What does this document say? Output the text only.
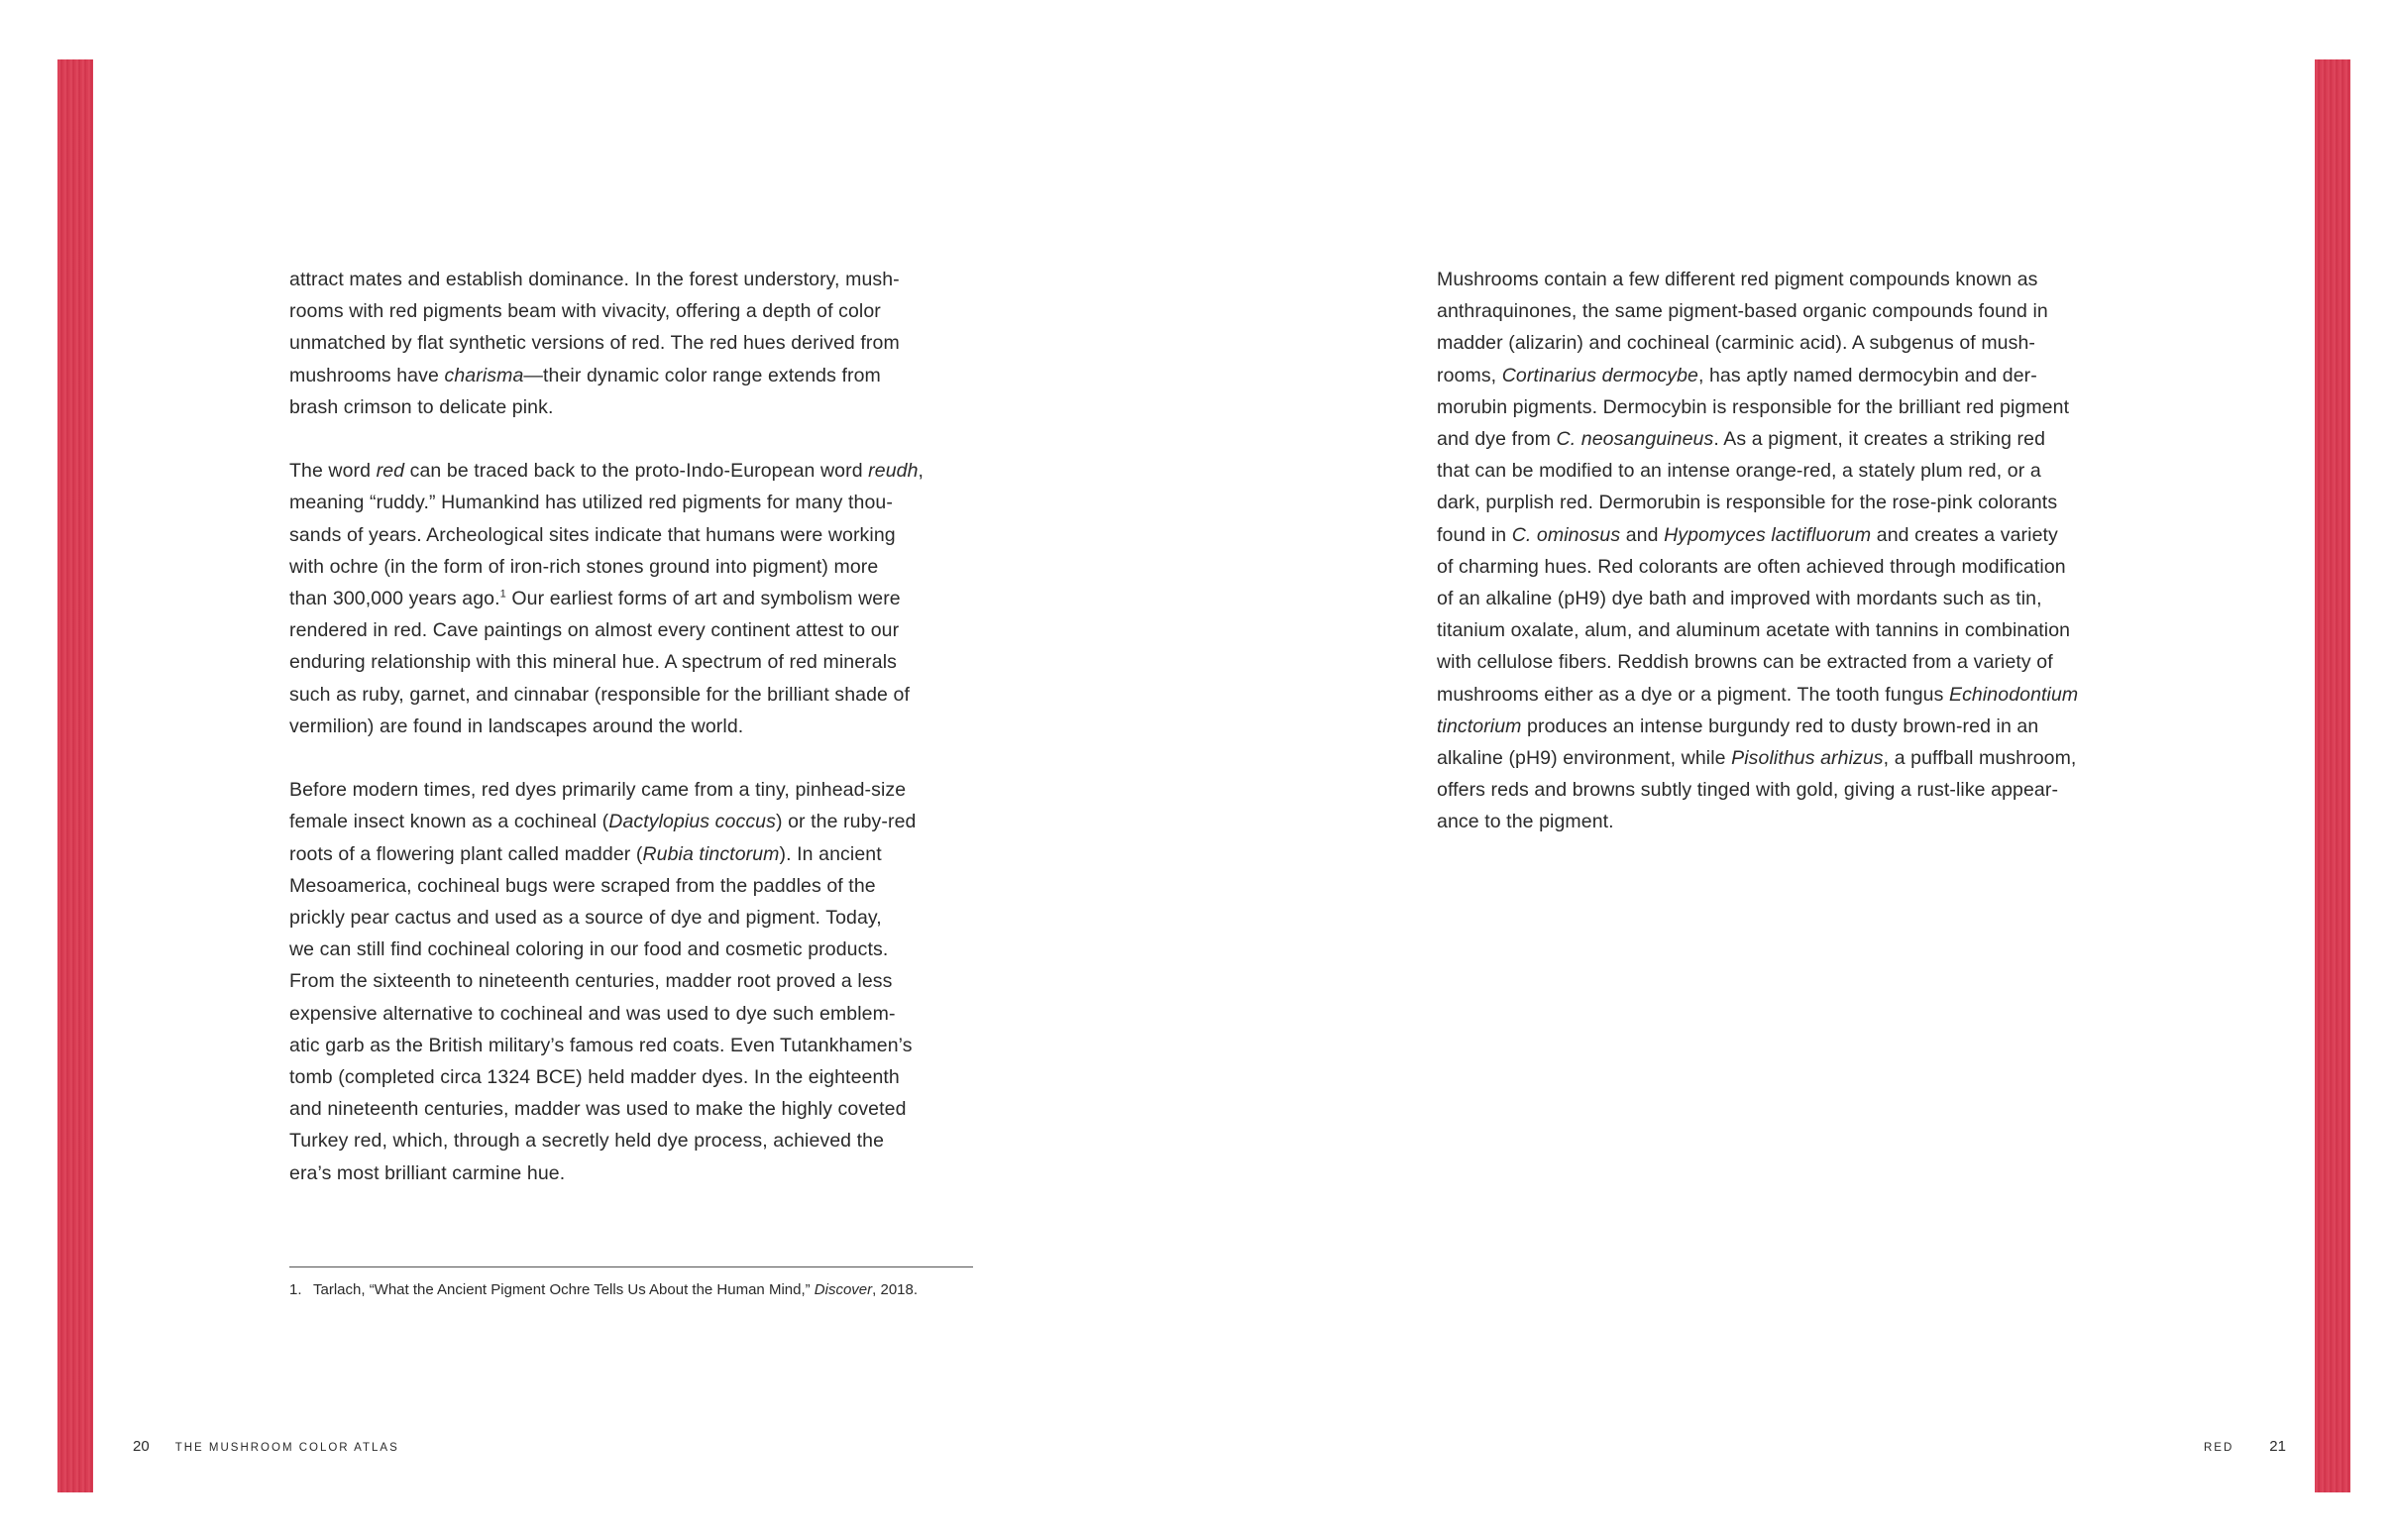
attract mates and establish dominance. In the forest understory, mush-
rooms with red pigments beam with vivacity, offering a depth of color
unmatched by flat synthetic versions of red. The red hues derived from
mushrooms have charisma—their dynamic color range extends from
brash crimson to delicate pink.

The word red can be traced back to the proto-Indo-European word reudh,
meaning “ruddy.” Humankind has utilized red pigments for many thou-
sands of years. Archeological sites indicate that humans were working
with ochre (in the form of iron-rich stones ground into pigment) more
than 300,000 years ago.$^1$ Our earliest forms of art and symbolism were
rendered in red. Cave paintings on almost every continent attest to our
enduring relationship with this mineral hue. A spectrum of red minerals
such as ruby, garnet, and cinnabar (responsible for the brilliant shade of
vermilion) are found in landscapes around the world.

Before modern times, red dyes primarily came from a tiny, pinhead-size
female insect known as a cochineal (Dactylopius coccus) or the ruby-red
roots of a flowering plant called madder (Rubia tinctorum). In ancient
Mesoamerica, cochineal bugs were scraped from the paddles of the
prickly pear cactus and used as a source of dye and pigment. Today,
we can still find cochineal coloring in our food and cosmetic products.
From the sixteenth to nineteenth centuries, madder root proved a less
expensive alternative to cochineal and was used to dye such emblem-
atic garb as the British military’s famous red coats. Even Tutankhamen’s
tomb (completed circa 1324 BCE) held madder dyes. In the eighteenth
and nineteenth centuries, madder was used to make the highly coveted
Turkey red, which, through a secretly held dye process, achieved the
era’s most brilliant carmine hue.

Mushrooms contain a few different red pigment compounds known as
anthraquinones, the same pigment-based organic compounds found in
madder (alizarin) and cochineal (carminic acid). A subgenus of mush-
rooms, Cortinarius dermocybe, has aptly named dermocybin and der-
morubin pigments. Dermocybin is responsible for the brilliant red pigment
and dye from C. neosanguineus. As a pigment, it creates a striking red
that can be modified to an intense orange-red, a stately plum red, or a
dark, purplish red. Dermorubin is responsible for the rose-pink colorants
found in C. ominosus and Hypomyces lactifluorum and creates a variety
of charming hues. Red colorants are often achieved through modification
of an alkaline (pH9) dye bath and improved with mordants such as tin,
titanium oxalate, alum, and aluminum acetate with tannins in combination
with cellulose fibers. Reddish browns can be extracted from a variety of
mushrooms either as a dye or a pigment. The tooth fungus Echinodontium
tinctorium produces an intense burgundy red to dusty brown-red in an
alkaline (pH9) environment, while Pisolithus arhizus, a puffball mushroom,
offers reds and browns subtly tinged with gold, giving a rust-like appear-
ance to the pigment.

1. Tarlach, “What the Ancient Pigment Ochre Tells Us About the Human Mind,” Discover, 2018.
20 THE MUSHROOM COLOR ATLAS	RED 21
